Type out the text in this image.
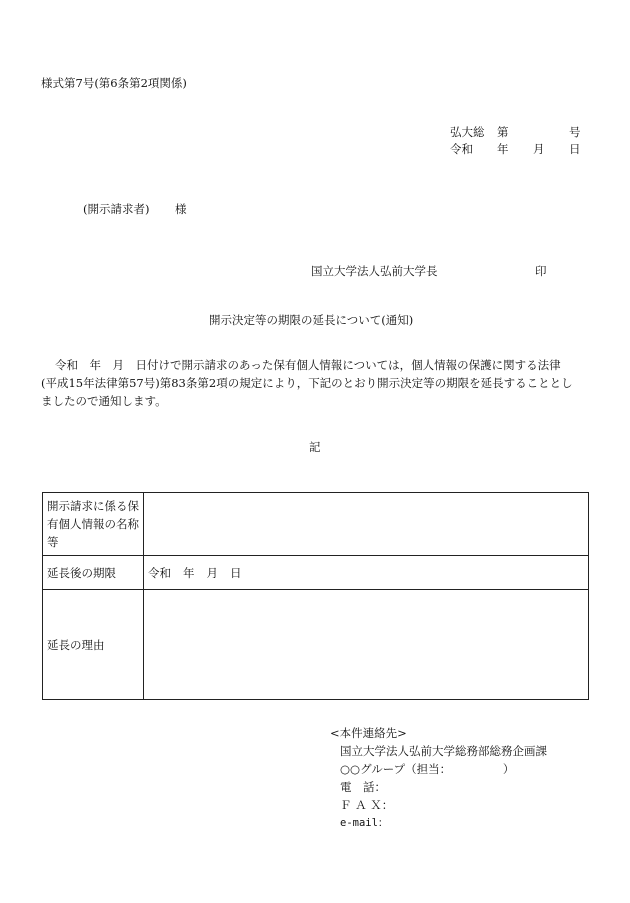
様式第7号(第6条第2項関係)
弘大総 第	号
令和 年 月 日
(開示請求者) 様
国立大学法人弘前大学長	印
開示決定等の期限の延長について(通知)

令和　年　月　日付けで開示請求のあった保有個人情報については，個人情報の保護に関する法律

(平成15年法律第57号)第83条第2項の規定により，下記のとおり開示決定等の期限を延長することとし

ましたので通知します。

記
開示請求に係る保有個人情報の名称等	
延長後の期限	令和 年 月 日
延長の理由	
<本件連絡先>
国立大学法人弘前大学総務部総務企画課
○○グループ（担当：　　　　　）
電　話：
Ｆ Ａ Ｘ：
e-mail：
